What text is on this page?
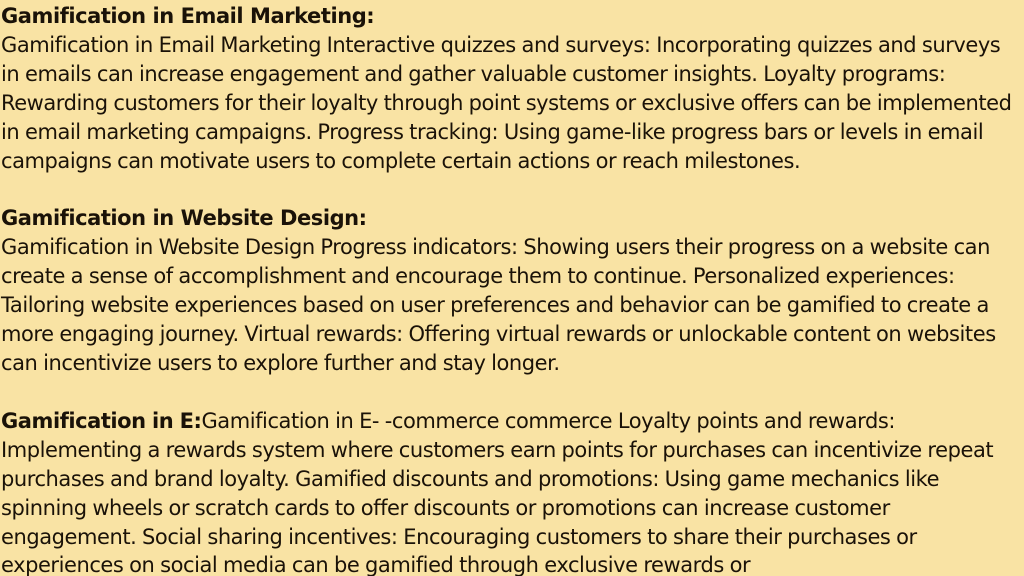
Gamification in Email Marketing:

Gamification in Email Marketing Interactive quizzes and surveys: Incorporating quizzes and surveys in emails can increase engagement and gather valuable customer insights. Loyalty programs: Rewarding customers for their loyalty through point systems or exclusive offers can be implemented in email marketing campaigns. Progress tracking: Using game-like progress bars or levels in email campaigns can motivate users to complete certain actions or reach milestones.

Gamification in Website Design:

Gamification in Website Design Progress indicators: Showing users their progress on a website can create a sense of accomplishment and encourage them to continue. Personalized experiences: Tailoring website experiences based on user preferences and behavior can be gamified to create a more engaging journey. Virtual rewards: Offering virtual rewards or unlockable content on websites can incentivize users to explore further and stay longer.

Gamification in E:Gamification in E- -commerce commerce Loyalty points and rewards: Implementing a rewards system where customers earn points for purchases can incentivize repeat purchases and brand loyalty. Gamified discounts and promotions: Using game mechanics like spinning wheels or scratch cards to offer discounts or promotions can increase customer engagement. Social sharing incentives: Encouraging customers to share their purchases or experiences on social media can be gamified through exclusive rewards or
